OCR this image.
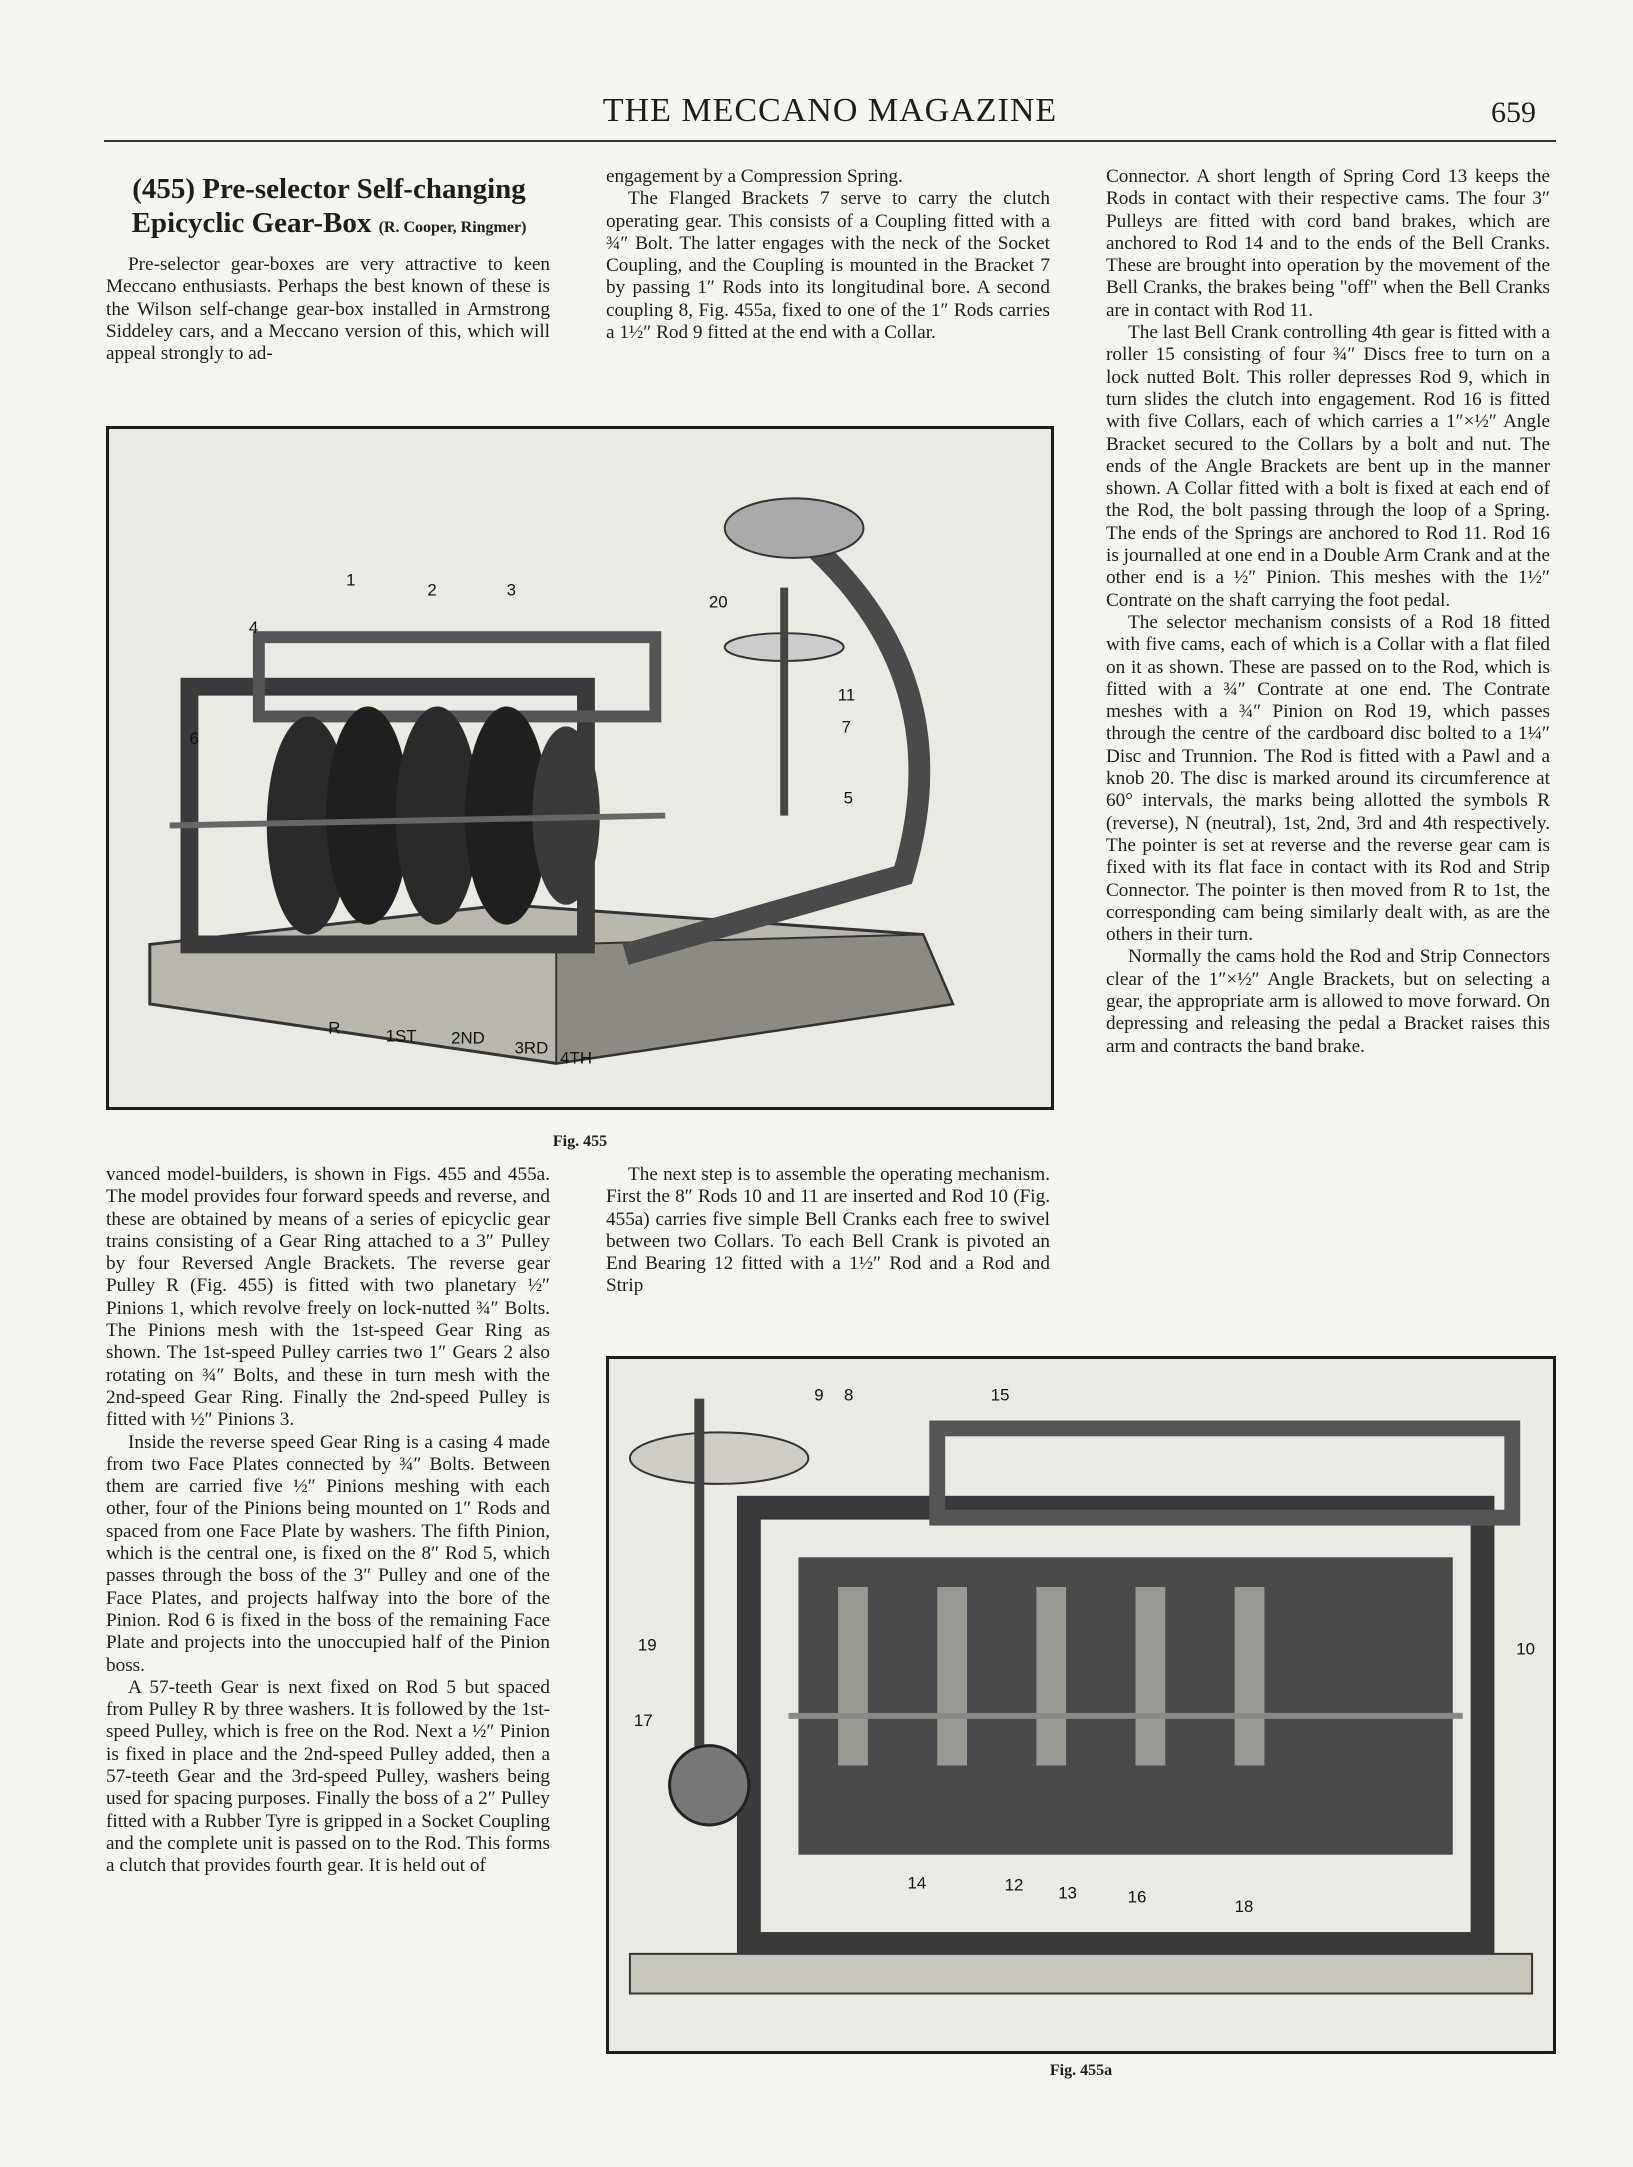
THE MECCANO MAGAZINE	659
(455) Pre-selector Self-changing
Epicyclic Gear-Box (R. Cooper, Ringmer)

Pre-selector gear-boxes are very attractive to keen Meccano enthusiasts. Perhaps the best known of these is the Wilson self-change gear-box installed in Armstrong Siddeley cars, and a Meccano version of this, which will appeal strongly to ad-

engagement by a Compression Spring.

The Flanged Brackets 7 serve to carry the clutch operating gear. This consists of a Coupling fitted with a ¾″ Bolt. The latter engages with the neck of the Socket Coupling, and the Coupling is mounted in the Bracket 7 by passing 1″ Rods into its longitudinal bore. A second coupling 8, Fig. 455a, fixed to one of the 1″ Rods carries a 1½″ Rod 9 fitted at the end with a Collar.

Connector. A short length of Spring Cord 13 keeps the Rods in contact with their respective cams. The four 3″ Pulleys are fitted with cord band brakes, which are anchored to Rod 14 and to the ends of the Bell Cranks. These are brought into operation by the movement of the Bell Cranks, the brakes being "off" when the Bell Cranks are in contact with Rod 11.

The last Bell Crank controlling 4th gear is fitted with a roller 15 consisting of four ¾″ Discs free to turn on a lock nutted Bolt. This roller depresses Rod 9, which in turn slides the clutch into engagement. Rod 16 is fitted with five Collars, each of which carries a 1″×½″ Angle Bracket secured to the Collars by a bolt and nut. The ends of the Angle Brackets are bent up in the manner shown. A Collar fitted with a bolt is fixed at each end of the Rod, the bolt passing through the loop of a Spring. The ends of the Springs are anchored to Rod 11. Rod 16 is journalled at one end in a Double Arm Crank and at the other end is a ½″ Pinion. This meshes with the 1½″ Contrate on the shaft carrying the foot pedal.

The selector mechanism consists of a Rod 18 fitted with five cams, each of which is a Collar with a flat filed on it as shown. These are passed on to the Rod, which is fitted with a ¾″ Contrate at one end. The Contrate meshes with a ¾″ Pinion on Rod 19, which passes through the centre of the cardboard disc bolted to a 1¼″ Disc and Trunnion. The Rod is fitted with a Pawl and a knob 20. The disc is marked around its circumference at 60° intervals, the marks being allotted the symbols R (reverse), N (neutral), 1st, 2nd, 3rd and 4th respectively. The pointer is set at reverse and the reverse gear cam is fixed with its flat face in contact with its Rod and Strip Connector. The pointer is then moved from R to 1st, the corresponding cam being similarly dealt with, as are the others in their turn.

Normally the cams hold the Rod and Strip Connectors clear of the 1″×½″ Angle Brackets, but on selecting a gear, the appropriate arm is allowed to move forward. On depressing and releasing the pedal a Bracket raises this arm and contracts the band brake.

1
2	3
4
5
6
7
11
20
R	1ST 2ND
3RD
4TH
Fig. 455

vanced model-builders, is shown in Figs. 455 and 455a. The model provides four forward speeds and reverse, and these are obtained by means of a series of epicyclic gear trains consisting of a Gear Ring attached to a 3″ Pulley by four Reversed Angle Brackets. The reverse gear Pulley R (Fig. 455) is fitted with two planetary ½″ Pinions 1, which revolve freely on lock-nutted ¾″ Bolts. The Pinions mesh with the 1st-speed Gear Ring as shown. The 1st-speed Pulley carries two 1″ Gears 2 also rotating on ¾″ Bolts, and these in turn mesh with the 2nd-speed Gear Ring. Finally the 2nd-speed Pulley is fitted with ½″ Pinions 3.

Inside the reverse speed Gear Ring is a casing 4 made from two Face Plates connected by ¾″ Bolts. Between them are carried five ½″ Pinions meshing with each other, four of the Pinions being mounted on 1″ Rods and spaced from one Face Plate by washers. The fifth Pinion, which is the central one, is fixed on the 8″ Rod 5, which passes through the boss of the 3″ Pulley and one of the Face Plates, and projects halfway into the bore of the Pinion. Rod 6 is fixed in the boss of the remaining Face Plate and projects into the unoccupied half of the Pinion boss.

A 57-teeth Gear is next fixed on Rod 5 but spaced from Pulley R by three washers. It is followed by the 1st-speed Pulley, which is free on the Rod. Next a ½″ Pinion is fixed in place and the 2nd-speed Pulley added, then a 57-teeth Gear and the 3rd-speed Pulley, washers being used for spacing purposes. Finally the boss of a 2″ Pulley fitted with a Rubber Tyre is gripped in a Socket Coupling and the complete unit is passed on to the Rod. This forms a clutch that provides fourth gear. It is held out of

The next step is to assemble the operating mechanism. First the 8″ Rods 10 and 11 are inserted and Rod 10 (Fig. 455a) carries five simple Bell Cranks each free to swivel between two Collars. To each Bell Crank is pivoted an End Bearing 12 fitted with a 1½″ Rod and a Rod and Strip

9 8	15
19
17
10
14	12 13	16
18
Fig. 455a
